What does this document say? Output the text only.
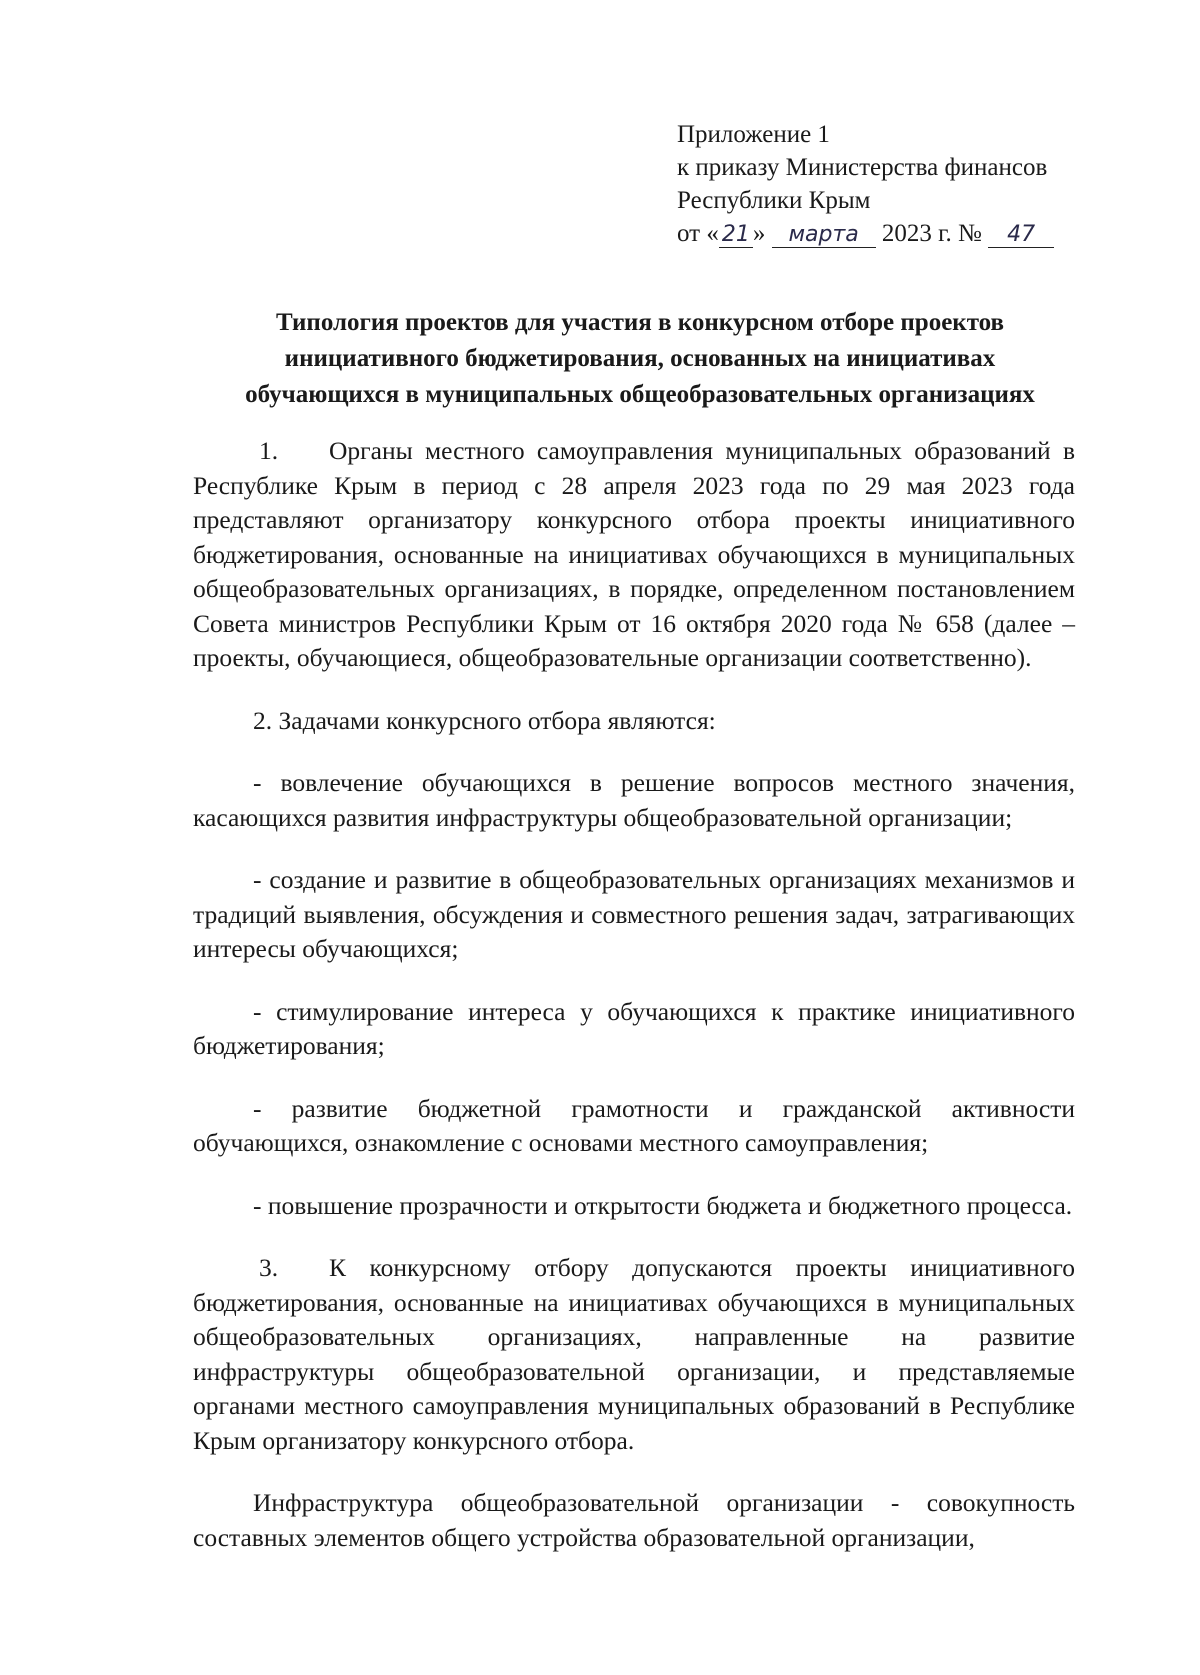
Приложение 1
к приказу Министерства финансов
Республики Крым
от « 21 » марта 2023 г. № 47
Типология проектов для участия в конкурсном отборе проектов
инициативного бюджетирования, основанных на инициативах
обучающихся в муниципальных общеобразовательных организациях

1. Органы местного самоуправления муниципальных образований в Республике Крым в период с 28 апреля 2023 года по 29 мая 2023 года представляют организатору конкурсного отбора проекты инициативного бюджетирования, основанные на инициативах обучающихся в муниципальных общеобразовательных организациях, в порядке, определенном постановлением Совета министров Республики Крым от 16 октября 2020 года № 658 (далее – проекты, обучающиеся, общеобразовательные организации соответственно).

2. Задачами конкурсного отбора являются:

- вовлечение обучающихся в решение вопросов местного значения, касающихся развития инфраструктуры общеобразовательной организации;

- создание и развитие в общеобразовательных организациях механизмов и традиций выявления, обсуждения и совместного решения задач, затрагивающих интересы обучающихся;

- стимулирование интереса у обучающихся к практике инициативного бюджетирования;

- развитие бюджетной грамотности и гражданской активности обучающихся, ознакомление с основами местного самоуправления;

- повышение прозрачности и открытости бюджета и бюджетного процесса.

3. К конкурсному отбору допускаются проекты инициативного бюджетирования, основанные на инициативах обучающихся в муниципальных общеобразовательных организациях, направленные на развитие инфраструктуры общеобразовательной организации, и представляемые органами местного самоуправления муниципальных образований в Республике Крым организатору конкурсного отбора.

Инфраструктура общеобразовательной организации - совокупность составных элементов общего устройства образовательной организации,
